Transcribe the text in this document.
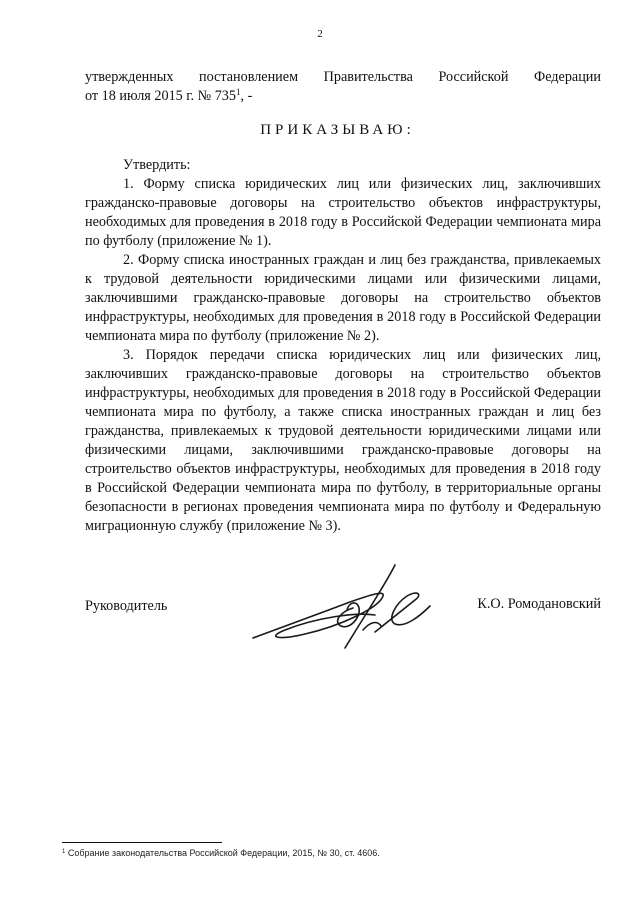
2
утвержденных постановлением Правительства Российской Федерации
от 18 июля 2015 г. № $735^1$, -
ПРИКАЗЫВАЮ:

Утвердить:

1. Форму списка юридических лиц или физических лиц, заключивших гражданско-правовые договоры на строительство объектов инфраструктуры, необходимых для проведения в 2018 году в Российской Федерации чемпионата мира по футболу (приложение № 1).

2. Форму списка иностранных граждан и лиц без гражданства, привлекаемых к трудовой деятельности юридическими лицами или физическими лицами, заключившими гражданско-правовые договоры на строительство объектов инфраструктуры, необходимых для проведения в 2018 году в Российской Федерации чемпионата мира по футболу (приложение № 2).

3. Порядок передачи списка юридических лиц или физических лиц, заключивших гражданско-правовые договоры на строительство объектов инфраструктуры, необходимых для проведения в 2018 году в Российской Федерации чемпионата мира по футболу, а также списка иностранных граждан и лиц без гражданства, привлекаемых к трудовой деятельности юридическими лицами или физическими лицами, заключившими гражданско-правовые договоры на строительство объектов инфраструктуры, необходимых для проведения в 2018 году в Российской Федерации чемпионата мира по футболу, в территориальные органы безопасности в регионах проведения чемпионата мира по футболу и Федеральную миграционную службу (приложение № 3).

Руководитель	К.О. Ромодановский
$^1$ Собрание законодательства Российской Федерации, 2015, № 30, ст. 4606.
